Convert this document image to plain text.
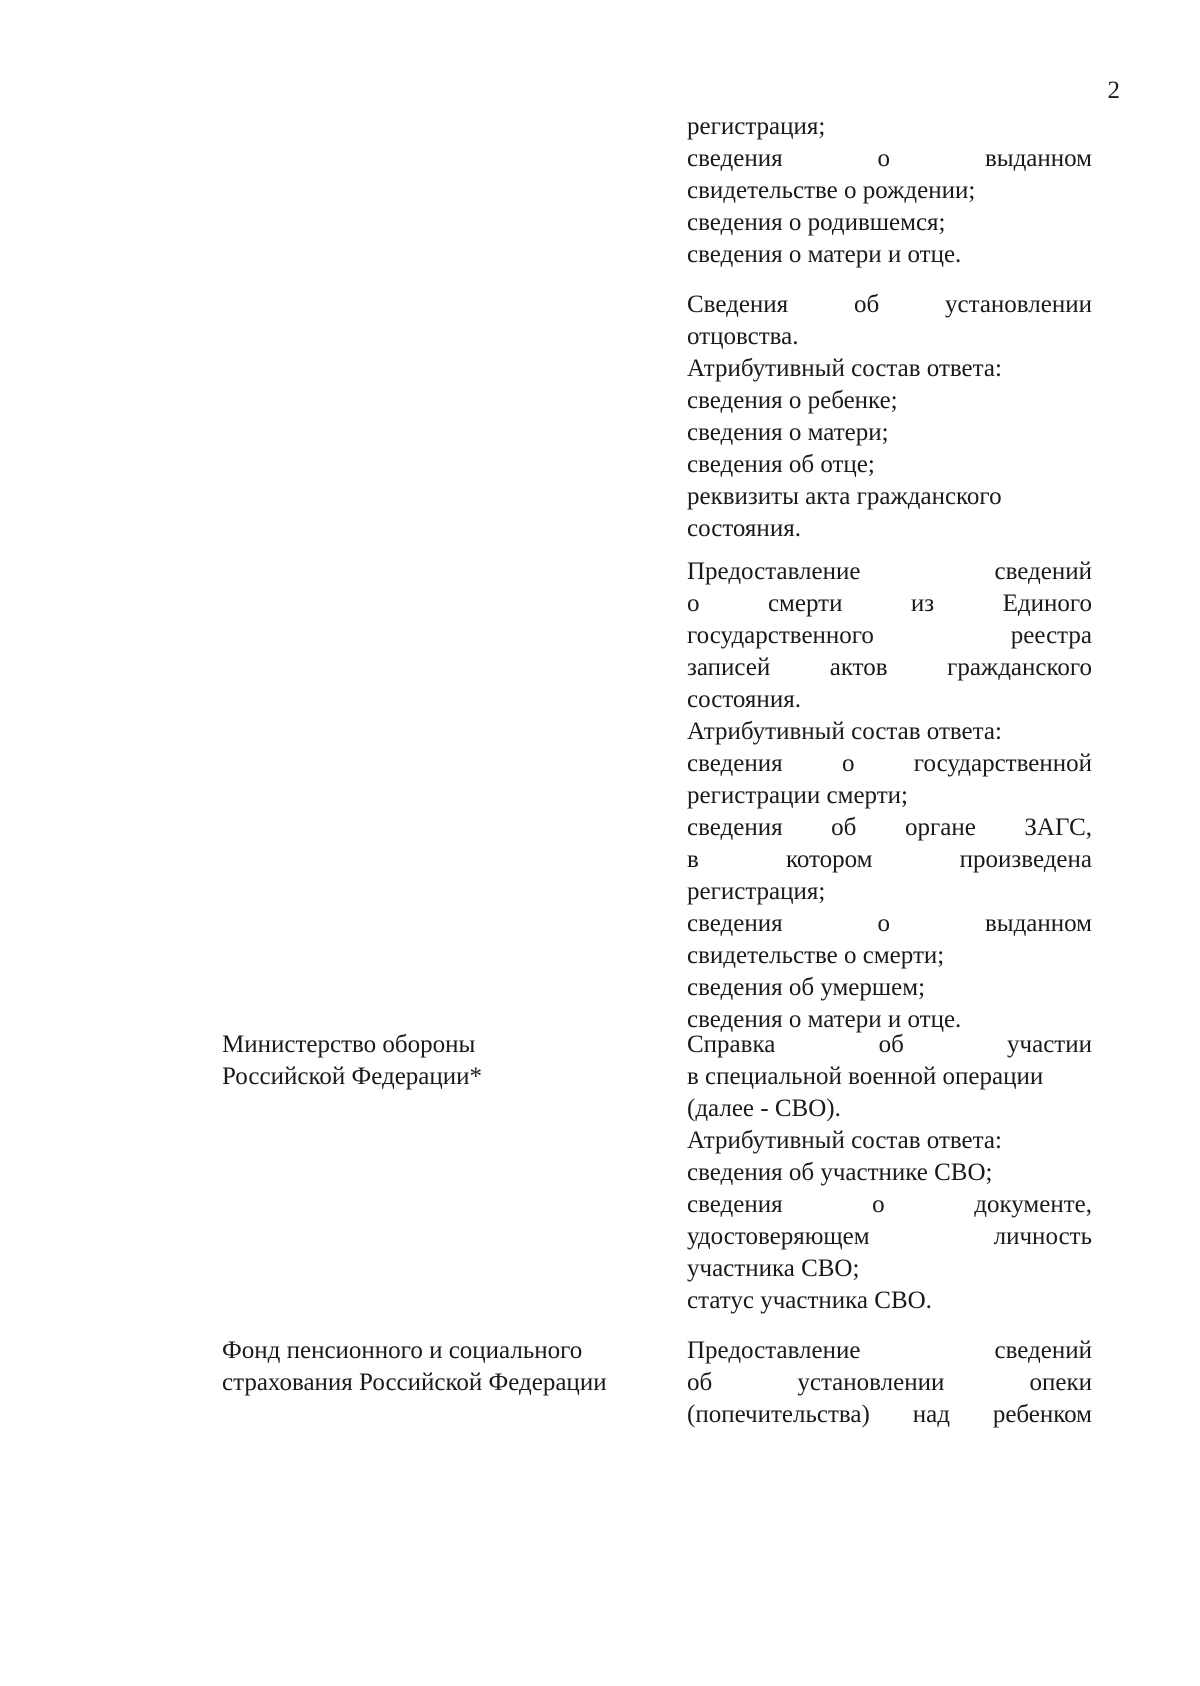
2
регистрация;
сведения о выданном
свидетельстве о рождении;
сведения о родившемся;
сведения о матери и отце.
Сведения об установлении
отцовства.
Атрибутивный состав ответа:
сведения о ребенке;
сведения о матери;
сведения об отце;
реквизиты акта гражданского
состояния.
Предоставление сведений
о смерти из Единого
государственного реестра
записей актов гражданского
состояния.
Атрибутивный состав ответа:
сведения о государственной
регистрации смерти;
сведения об органе ЗАГС,
в котором произведена
регистрация;
сведения о выданном
свидетельстве о смерти;
сведения об умершем;
сведения о матери и отце.
Министерство обороны
Российской Федерации*
Справка об участии
в специальной военной операции
(далее - СВО).
Атрибутивный состав ответа:
сведения об участнике СВО;
сведения о документе,
удостоверяющем личность
участника СВО;
статус участника СВО.
Фонд пенсионного и социального
страхования Российской Федерации
Предоставление сведений
об установлении опеки
(попечительства) над ребенком
